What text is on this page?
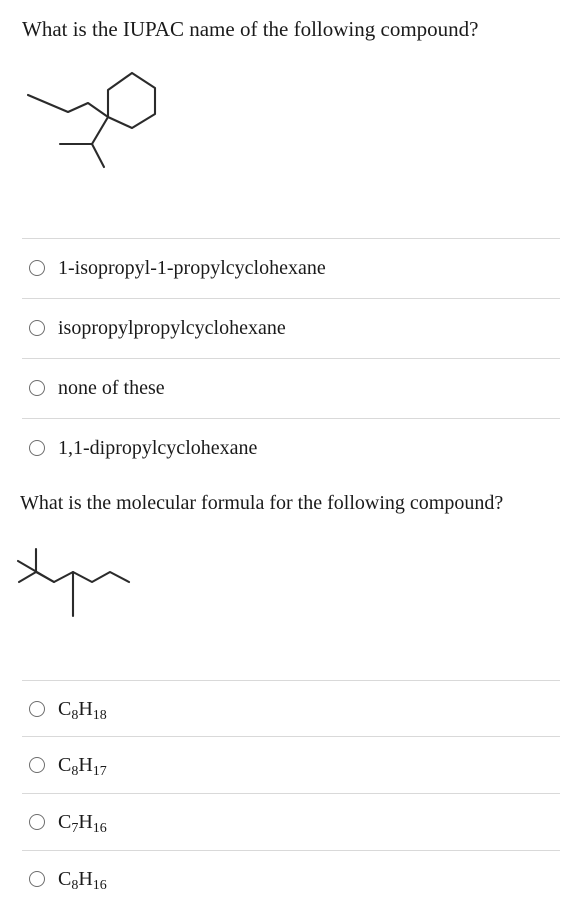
What is the IUPAC name of the following compound?
1-isopropyl-1-propylcyclohexane
isopropylpropylcyclohexane
none of these
1,1-dipropylcyclohexane
What is the molecular formula for the following compound?
$C_8H_{18}$
$C_8H_{17}$
$C_7H_{16}$
$C_8H_{16}$
